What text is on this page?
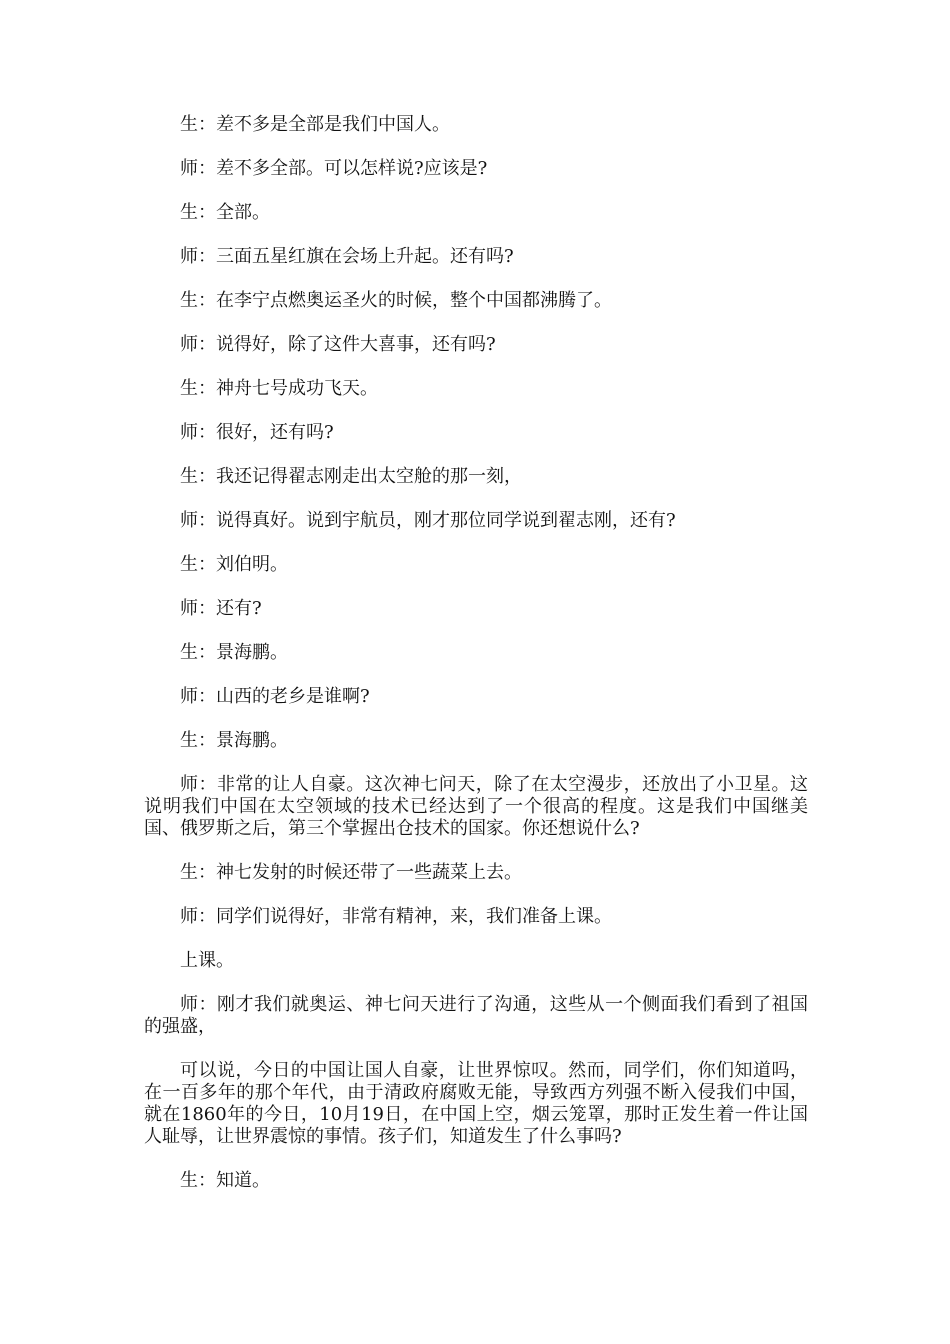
生：差不多是全部是我们中国人。

师：差不多全部。可以怎样说?应该是?

生：全部。

师：三面五星红旗在会场上升起。还有吗?

生：在李宁点燃奥运圣火的时候，整个中国都沸腾了。

师：说得好，除了这件大喜事，还有吗?

生：神舟七号成功飞天。

师：很好，还有吗?

生：我还记得翟志刚走出太空舱的那一刻，

师：说得真好。说到宇航员，刚才那位同学说到翟志刚，还有?

生：刘伯明。

师：还有?

生：景海鹏。

师：山西的老乡是谁啊?

生：景海鹏。

师：非常的让人自豪。这次神七问天，除了在太空漫步，还放出了小卫星。这说明我们中国在太空领域的技术已经达到了一个很高的程度。这是我们中国继美国、俄罗斯之后，第三个掌握出仓技术的国家。你还想说什么?

生：神七发射的时候还带了一些蔬菜上去。

师：同学们说得好，非常有精神，来，我们准备上课。

上课。

师：刚才我们就奥运、神七问天进行了沟通，这些从一个侧面我们看到了祖国的强盛，

可以说，今日的中国让国人自豪，让世界惊叹。然而，同学们，你们知道吗，在一百多年的那个年代，由于清政府腐败无能，导致西方列强不断入侵我们中国，就在1860年的今日，10月19日，在中国上空，烟云笼罩，那时正发生着一件让国人耻辱，让世界震惊的事情。孩子们，知道发生了什么事吗?

生：知道。
